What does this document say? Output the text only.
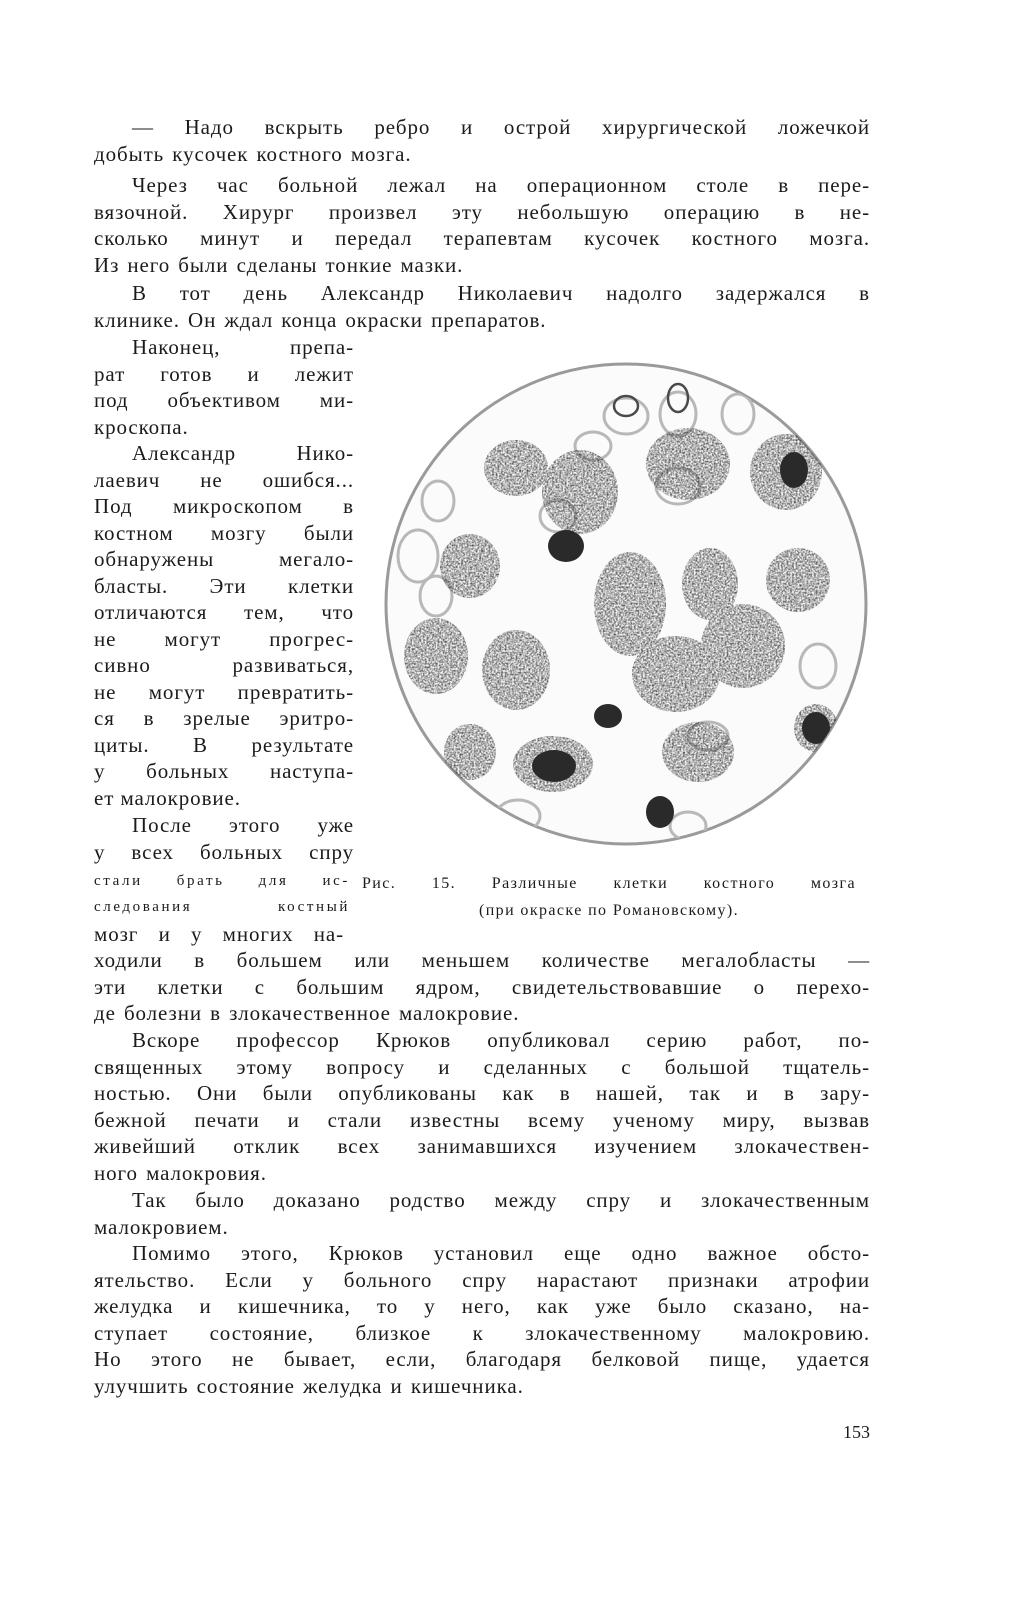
— Надо вскрыть ребро и острой хирургической ложечкой
добыть кусочек костного мозга.
Через час больной лежал на операционном столе в пере-
вязочной. Хирург произвел эту небольшую операцию в не-
сколько минут и передал терапевтам кусочек костного мозга.
Из него были сделаны тонкие мазки.
В тот день Александр Николаевич надолго задержался в
клинике. Он ждал конца окраски препаратов.
Наконец, препа-
рат готов и лежит
под объективом ми-
кроскопа.
Александр Нико-
лаевич не ошибся...
Под микроскопом в
костном мозгу были
обнаружены мегало-
бласты. Эти клетки
отличаются тем, что
не могут прогрес-
сивно развиваться,
не могут превратить-
ся в зрелые эритро-
циты. В результате
у больных наступа-
ет малокровие.
После этого уже
у всех больных спру
стали брать для ис-
следования костный
мозг и у многих на-
Рис. 15. Различные клетки костного мозга
(при окраске по Романовскому).
ходили в большем или меньшем количестве мегалобласты —
эти клетки с большим ядром, свидетельствовавшие о перехо-
де болезни в злокачественное малокровие.
Вскоре профессор Крюков опубликовал серию работ, по-
священных этому вопросу и сделанных с большой тщатель-
ностью. Они были опубликованы как в нашей, так и в зару-
бежной печати и стали известны всему ученому миру, вызвав
живейший отклик всех занимавшихся изучением злокачествен-
ного малокровия.
Так было доказано родство между спру и злокачественным
малокровием.
Помимо этого, Крюков установил еще одно важное обсто-
ятельство. Если у больного спру нарастают признаки атрофии
желудка и кишечника, то у него, как уже было сказано, на-
ступает состояние, близкое к злокачественному малокровию.
Но этого не бывает, если, благодаря белковой пище, удается
улучшить состояние желудка и кишечника.
153
